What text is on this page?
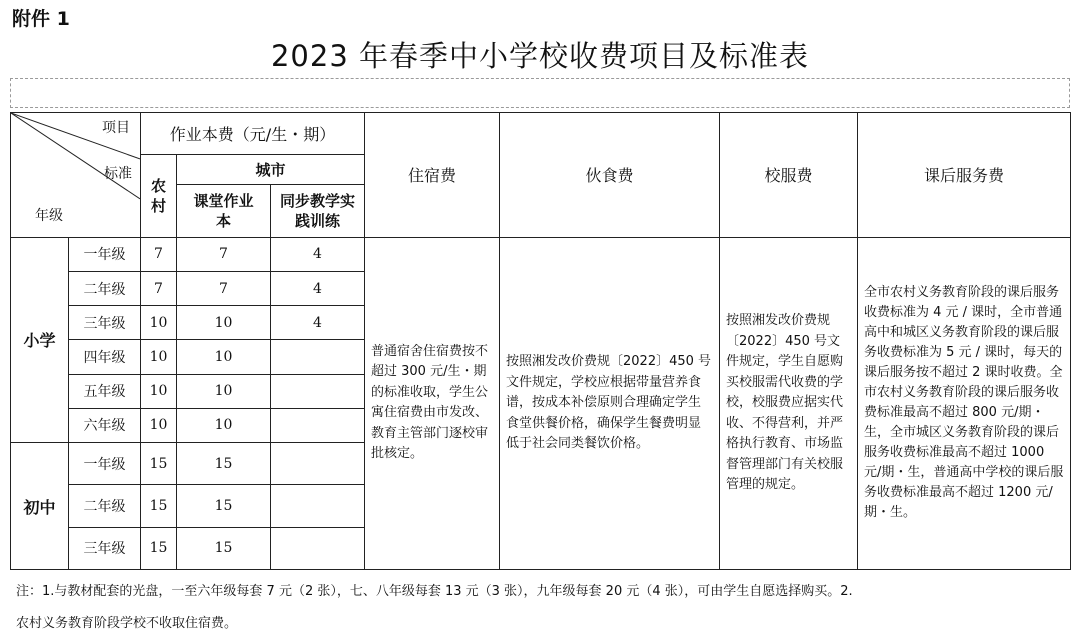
附件 1
2023 年春季中小学校收费项目及标准表
项目
标准
年级		作业本费（元/生・期）			住宿费	伙食费	校服费	课后服务费
		农村	城市					
			课堂作业本	同步教学实践训练				
小学	一年级	7	7	4	普通宿舍住宿费按不超过 300 元/生・期的标准收取，学生公寓住宿费由市发改、教育主管部门逐校审批核定。	按照湘发改价费规〔2022〕450 号文件规定，学校应根据带量营养食谱，按成本补偿原则合理确定学生食堂供餐价格，确保学生餐费明显低于社会同类餐饮价格。	按照湘发改价费规〔2022〕450 号文件规定，学生自愿购买校服需代收费的学校，校服费应据实代收、不得营利，并严格执行教育、市场监督管理部门有关校服管理的规定。	全市农村义务教育阶段的课后服务收费标准为 4 元 / 课时，全市普通高中和城区义务教育阶段的课后服务收费标准为 5 元 / 课时，每天的课后服务按不超过 2 课时收费。全市农村义务教育阶段的课后服务收费标准最高不超过 800 元/期・生，全市城区义务教育阶段的课后服务收费标准最高不超过 1000 元/期・生，普通高中学校的课后服务收费标准最高不超过 1200 元/期・生。
	二年级	7	7	4				
	三年级	10	10	4				
	四年级	10	10					
	五年级	10	10					
	六年级	10	10					
初中	一年级	15	15					
	二年级	15	15					
	三年级	15	15					
注：1.与教材配套的光盘，一至六年级每套 7 元（2 张），七、八年级每套 13 元（3 张），九年级每套 20 元（4 张），可由学生自愿选择购买。2.
农村义务教育阶段学校不收取住宿费。
